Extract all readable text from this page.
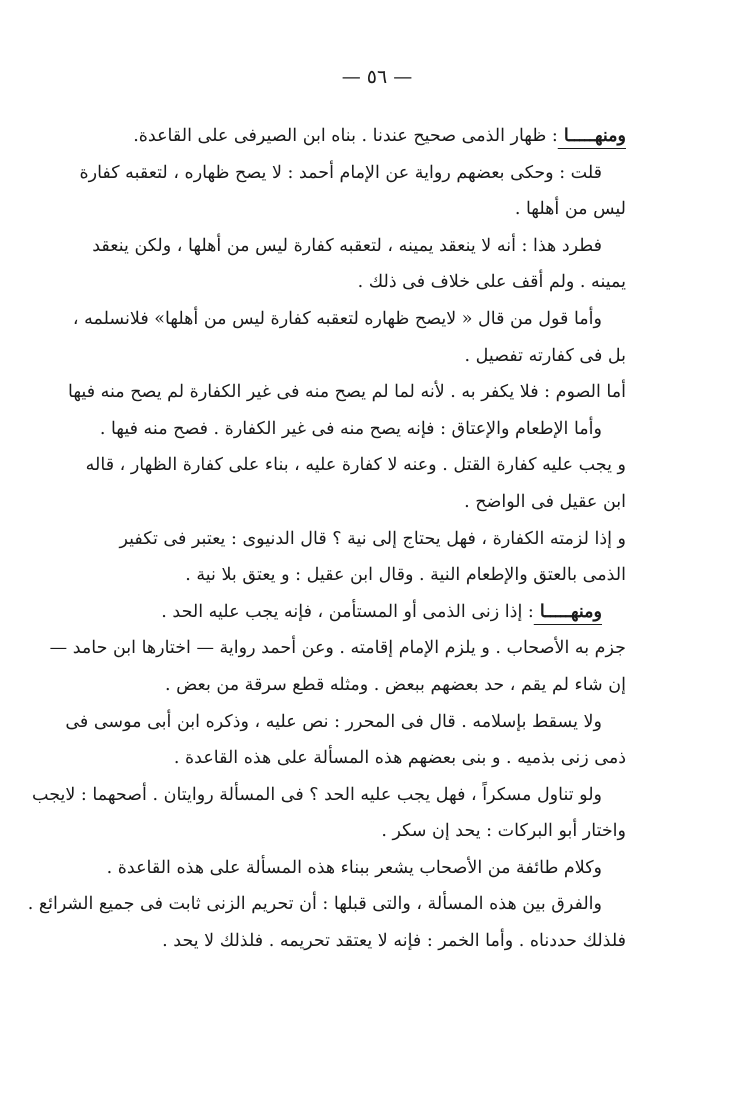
— ٥٦ —
ومنهـــــا : ظهار الذمى صحيح عندنا . بناه ابن الصيرفى على القاعدة.
قلت : وحكى بعضهم رواية عن الإمام أحمد : لا يصح ظهاره ، لتعقبه كفارة
ليس من أهلها .
فطرد هذا : أنه لا ينعقد يمينه ، لتعقبه كفارة ليس من أهلها ، ولكن ينعقد
يمينه . ولم أقف على خلاف فى ذلك .
وأما قول من قال « لايصح ظهاره لتعقبه كفارة ليس من أهلها» فلانسلمه ،
بل فى كفارته تفصيل .
أما الصوم : فلا يكفر به . لأنه لما لم يصح منه فى غير الكفارة لم يصح منه فيها
وأما الإطعام والإعتاق : فإنه يصح منه فى غير الكفارة . فصح منه فيها .
و يجب عليه كفارة القتل . وعنه لا كفارة عليه ، بناء على كفارة الظهار ، قاله
ابن عقيل فى الواضح .
و إذا لزمته الكفارة ، فهل يحتاج إلى نية ؟ قال الدنيوى : يعتبر فى تكفير
الذمى بالعتق والإطعام النية . وقال ابن عقيل : و يعتق بلا نية .
ومنهـــــا : إذا زنى الذمى أو المستأمن ، فإنه يجب عليه الحد .
جزم به الأصحاب . و يلزم الإمام إقامته . وعن أحمد رواية — اختارها ابن حامد —
إن شاء لم يقم ، حد بعضهم ببعض . ومثله قطع سرقة من بعض .
ولا يسقط بإسلامه . قال فى المحرر : نص عليه ، وذكره ابن أبى موسى فى
ذمى زنى بذميه . و بنى بعضهم هذه المسألة على هذه القاعدة .
ولو تناول مسكراً ، فهل يجب عليه الحد ؟ فى المسألة روايتان . أصحهما : لايجب
واختار أبو البركات : يحد إن سكر .
وكلام طائفة من الأصحاب يشعر ببناء هذه المسألة على هذه القاعدة .
والفرق بين هذه المسألة ، والتى قبلها : أن تحريم الزنى ثابت فى جميع الشرائع .
فلذلك حددناه . وأما الخمر : فإنه لا يعتقد تحريمه . فلذلك لا يحد .
